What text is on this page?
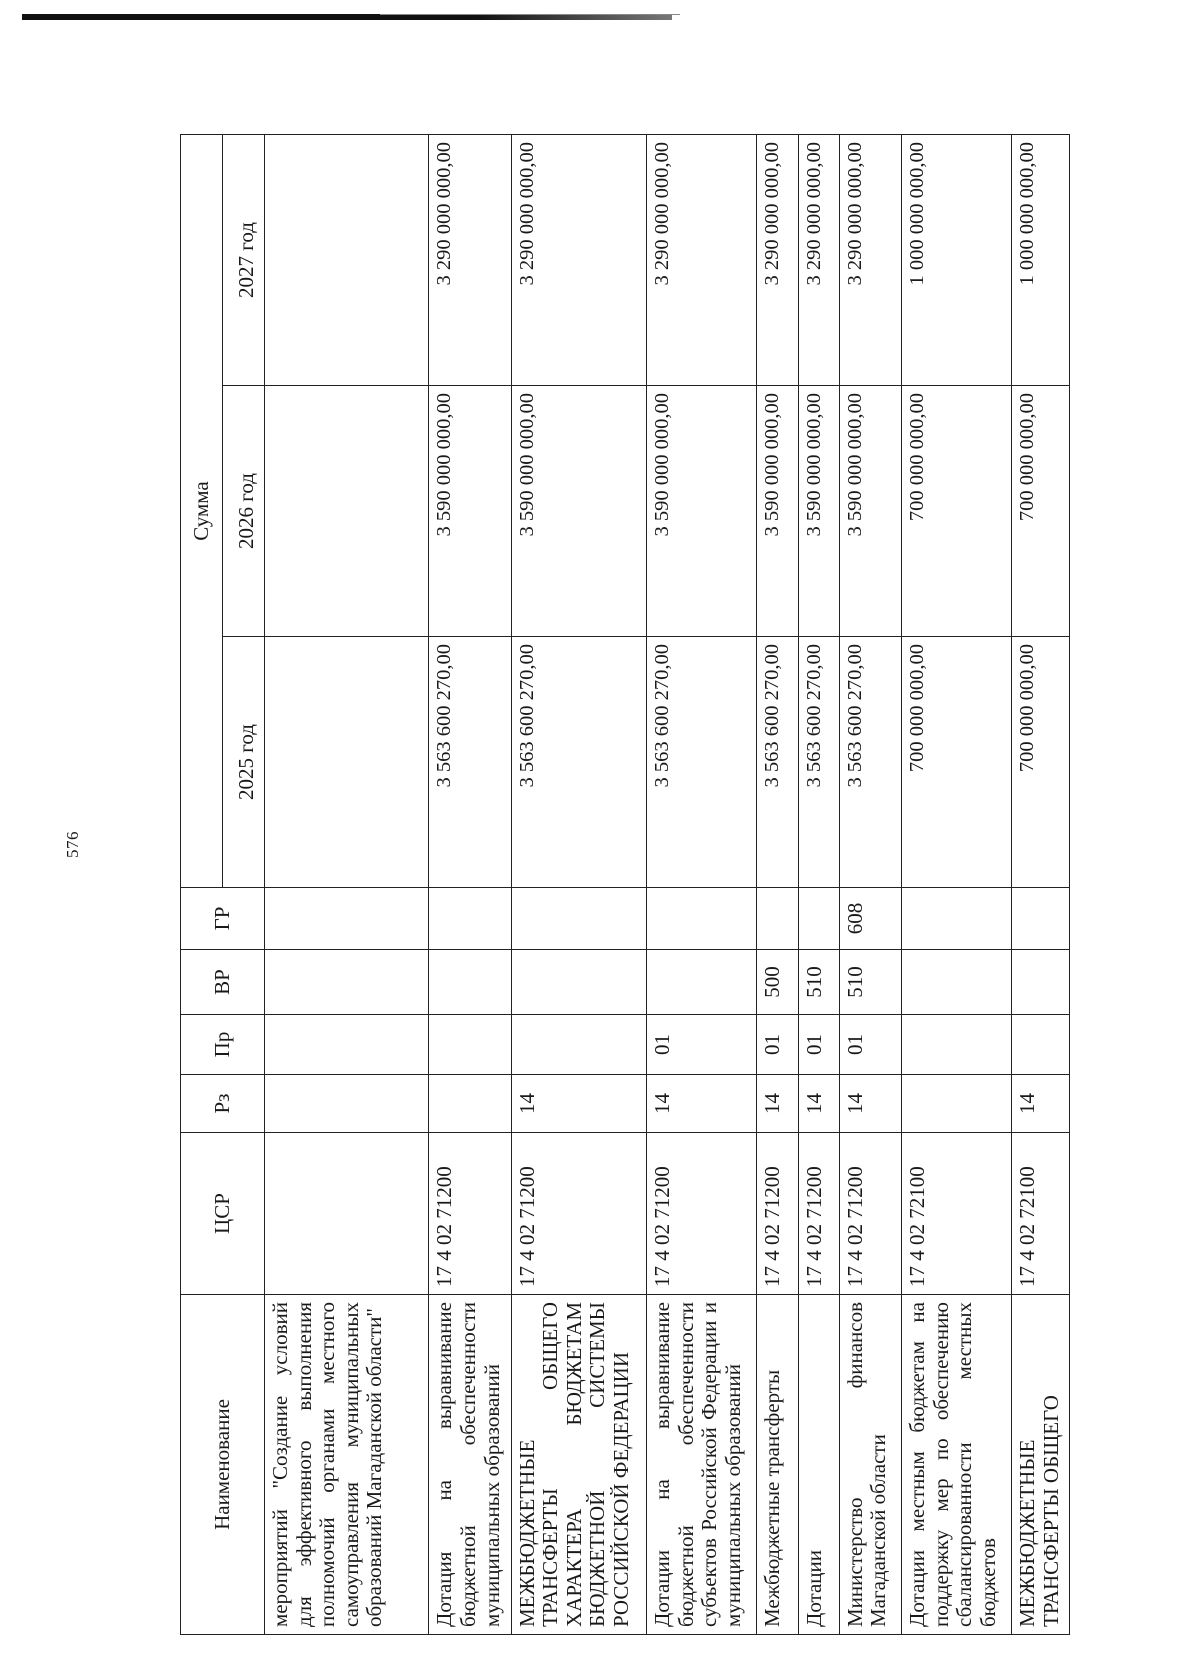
576
Наименование	ЦСР	Рз	Пр	ВР	ГР	Сумма		
						2025 год	2026 год	2027 год
мероприятий "Создание условий для эффективного выполнения полномочий органами местного самоуправления муниципальных образований Магаданской области"								
Дотация на выравнивание бюджетной обеспеченности муниципальных образований	17 4 02 71200					3 563 600 270,00	3 590 000 000,00	3 290 000 000,00
МЕЖБЮДЖЕТНЫЕ ТРАНСФЕРТЫ ОБЩЕГО ХАРАКТЕРА БЮДЖЕТАМ БЮДЖЕТНОЙ СИСТЕМЫ РОССИЙСКОЙ ФЕДЕРАЦИИ	17 4 02 71200	14				3 563 600 270,00	3 590 000 000,00	3 290 000 000,00
Дотации на выравнивание бюджетной обеспеченности субъектов Российской Федерации и муниципальных образований	17 4 02 71200	14	01			3 563 600 270,00	3 590 000 000,00	3 290 000 000,00
Межбюджетные трансферты	17 4 02 71200	14	01	500		3 563 600 270,00	3 590 000 000,00	3 290 000 000,00
Дотации	17 4 02 71200	14	01	510		3 563 600 270,00	3 590 000 000,00	3 290 000 000,00
Министерство финансов Магаданской области	17 4 02 71200	14	01	510	608	3 563 600 270,00	3 590 000 000,00	3 290 000 000,00
Дотации местным бюджетам на поддержку мер по обеспечению сбалансированности местных бюджетов	17 4 02 72100					700 000 000,00	700 000 000,00	1 000 000 000,00
МЕЖБЮДЖЕТНЫЕ ТРАНСФЕРТЫ ОБЩЕГО	17 4 02 72100	14				700 000 000,00	700 000 000,00	1 000 000 000,00
